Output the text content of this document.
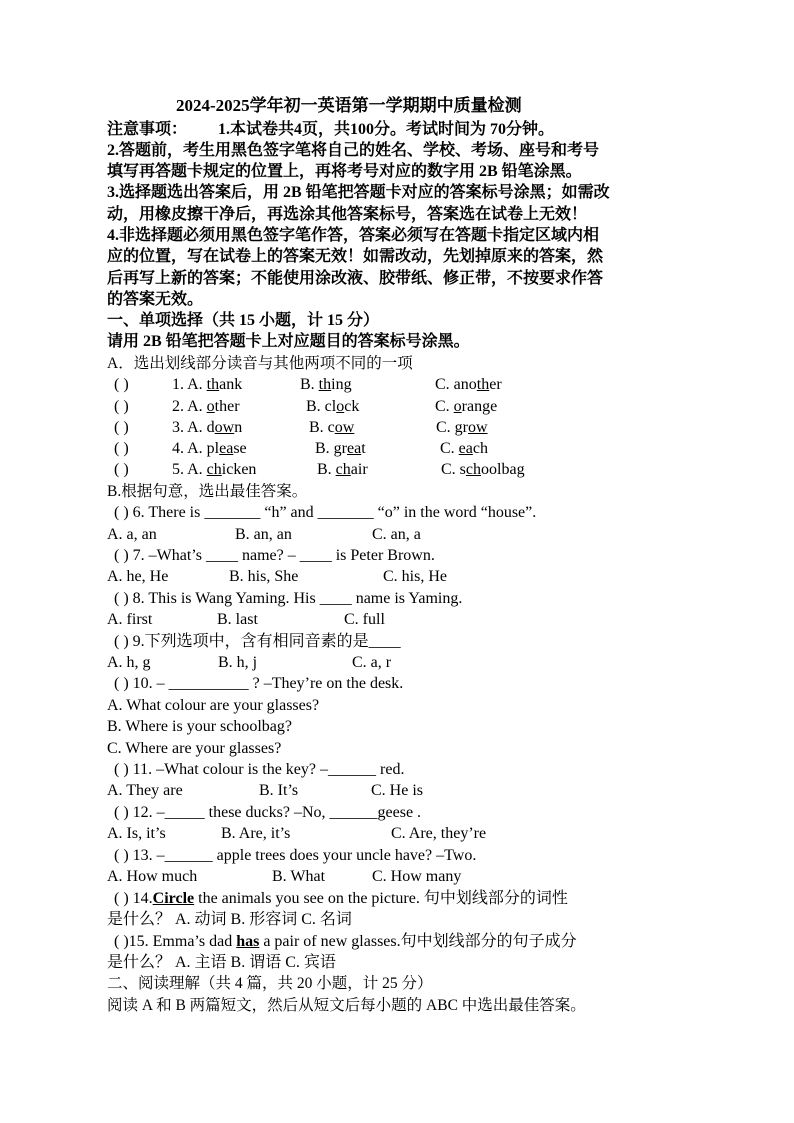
2024-2025学年初一英语第一学期期中质量检测
注意事项： 1.本试卷共4页，共100分。考试时间为 70分钟。
2.答题前，考生用黑色签字笔将自己的姓名、学校、考场、座号和考号
填写再答题卡规定的位置上，再将考号对应的数字用 2B 铅笔涂黑。
3.选择题选出答案后，用 2B 铅笔把答题卡对应的答案标号涂黑；如需改
动，用橡皮擦干净后，再选涂其他答案标号，答案选在试卷上无效！
4.非选择题必须用黑色签字笔作答，答案必须写在答题卡指定区域内相
应的位置，写在试卷上的答案无效！如需改动，先划掉原来的答案，然
后再写上新的答案；不能使用涂改液、胶带纸、修正带，不按要求作答
的答案无效。
一、单项选择（共 15 小题，计 15 分）
请用 2B 铅笔把答题卡上对应题目的答案标号涂黑。
A．选出划线部分读音与其他两项不同的一项
( )	1. A. thank	B. thing	C. another
( )	2. A. other	B. clock	C. orange
( )	3. A. down	B. cow	C. grow
( )	4. A. please	B. great	C. each
( )	5. A. chicken	B. chair	C. schoolbag
B.根据句意，选出最佳答案。
( ) 6. There is _______ “h” and _______ “o” in the word “house”.
A. a, an	B. an, an	C. an, a
( ) 7. –What’s ____ name? – ____ is Peter Brown.
A. he, He	B. his, She	C. his, He
( ) 8. This is Wang Yaming. His ____ name is Yaming.
A. first	B. last	C. full
( ) 9.下列选项中，含有相同音素的是____
A. h, g	B. h, j	C. a, r
( ) 10. – __________ ? –They’re on the desk.
A. What colour are your glasses?
B. Where is your schoolbag?
C. Where are your glasses?
( ) 11. –What colour is the key? –______ red.
A. They are	B. It’s	C. He is
( ) 12. –_____ these ducks? –No, ______geese .
A. Is, it’s	B. Are, it’s	C. Are, they’re
( ) 13. –______ apple trees does your uncle have? –Two.
A. How much	B. What	C. How many
( ) 14.Circle the animals you see on the picture. 句中划线部分的词性
是什么？ A. 动词 B. 形容词 C. 名词
( )15. Emma’s dad has a pair of new glasses.句中划线部分的句子成分
是什么？ A. 主语 B. 谓语 C. 宾语
二、阅读理解（共 4 篇，共 20 小题，计 25 分）
阅读 A 和 B 两篇短文，然后从短文后每小题的 ABC 中选出最佳答案。
